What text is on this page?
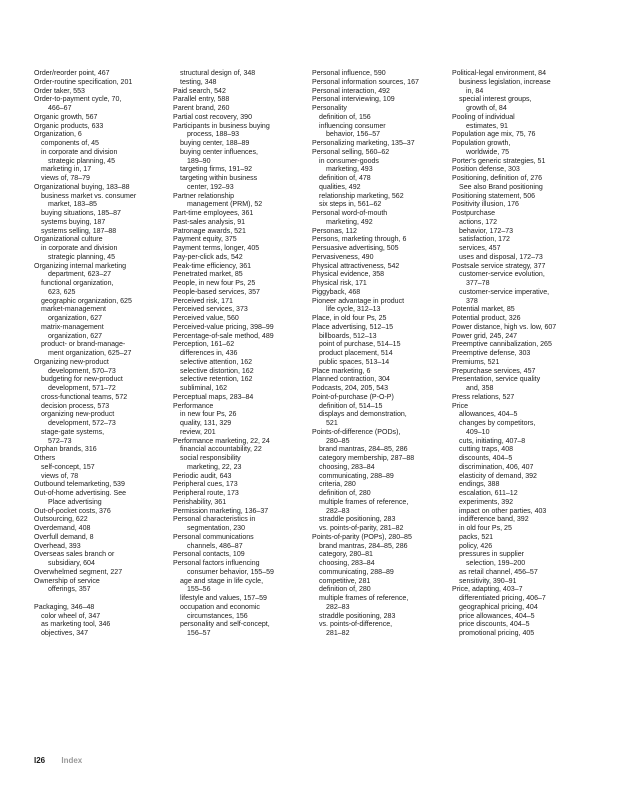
Order/reorder point, 467
Order-routine specification, 201
Order taker, 553
Order-to-payment cycle, 70,
466–67
Organic growth, 567
Organic products, 633
Organization, 6
components of, 45
in corporate and division
strategic planning, 45
marketing in, 17
views of, 78–79
Organizational buying, 183–88
business market vs. consumer
market, 183–85
buying situations, 185–87
systems buying, 187
systems selling, 187–88
Organizational culture
in corporate and division
strategic planning, 45
Organizing internal marketing
department, 623–27
functional organization,
623, 625
geographic organization, 625
market-management
organization, 627
matrix-management
organization, 627
product- or brand-manage-
ment organization, 625–27
Organizing new-product
development, 570–73
budgeting for new-product
development, 571–72
cross-functional teams, 572
decision process, 573
organizing new-product
development, 572–73
stage-gate systems,
572–73
Orphan brands, 316
Others
self-concept, 157
views of, 78
Outbound telemarketing, 539
Out-of-home advertising. See
Place advertising
Out-of-pocket costs, 376
Outsourcing, 622
Overdemand, 408
Overfull demand, 8
Overhead, 393
Overseas sales branch or
subsidiary, 604
Overwhelmed segment, 227
Ownership of service
offerings, 357
Packaging, 346–48
color wheel of, 347
as marketing tool, 346
objectives, 347
structural design of, 348
testing, 348
Paid search, 542
Parallel entry, 588
Parent brand, 260
Partial cost recovery, 390
Participants in business buying
process, 188–93
buying center, 188–89
buying center influences,
189–90
targeting firms, 191–92
targeting within business
center, 192–93
Partner relationship
management (PRM), 52
Part-time employees, 361
Past-sales analysis, 91
Patronage awards, 521
Payment equity, 375
Payment terms, longer, 405
Pay-per-click ads, 542
Peak-time efficiency, 361
Penetrated market, 85
People, in new four Ps, 25
People-based services, 357
Perceived risk, 171
Perceived services, 373
Perceived value, 560
Perceived-value pricing, 398–99
Percentage-of-sale method, 489
Perception, 161–62
differences in, 436
selective attention, 162
selective distortion, 162
selective retention, 162
subliminal, 162
Perceptual maps, 283–84
Performance
in new four Ps, 26
quality, 131, 329
review, 201
Performance marketing, 22, 24
financial accountability, 22
social responsibility
marketing, 22, 23
Periodic audit, 643
Peripheral cues, 173
Peripheral route, 173
Perishability, 361
Permission marketing, 136–37
Personal characteristics in
segmentation, 230
Personal communications
channels, 486–87
Personal contacts, 109
Personal factors influencing
consumer behavior, 155–59
age and stage in life cycle,
155–56
lifestyle and values, 157–59
occupation and economic
circumstances, 156
personality and self-concept,
156–57
Personal influence, 590
Personal information sources, 167
Personal interaction, 492
Personal interviewing, 109
Personality
definition of, 156
influencing consumer
behavior, 156–57
Personalizing marketing, 135–37
Personal selling, 560–62
in consumer-goods
marketing, 493
definition of, 478
qualities, 492
relationship marketing, 562
six steps in, 561–62
Personal word-of-mouth
marketing, 492
Personas, 112
Persons, marketing through, 6
Persuasive advertising, 505
Pervasiveness, 490
Physical attractiveness, 542
Physical evidence, 358
Physical risk, 171
Piggyback, 468
Pioneer advantage in product
life cycle, 312–13
Place, in old four Ps, 25
Place advertising, 512–15
billboards, 512–13
point of purchase, 514–15
product placement, 514
public spaces, 513–14
Place marketing, 6
Planned contraction, 304
Podcasts, 204, 205, 543
Point-of-purchase (P-O-P)
definition of, 514–15
displays and demonstration,
521
Points-of-difference (PODs),
280–85
brand mantras, 284–85, 286
category membership, 287–88
choosing, 283–84
communicating, 288–89
criteria, 280
definition of, 280
multiple frames of reference,
282–83
straddle positioning, 283
vs. points-of-parity, 281–82
Points-of-parity (POPs), 280–85
brand mantras, 284–85, 286
category, 280–81
choosing, 283–84
communicating, 288–89
competitive, 281
definition of, 280
multiple frames of reference,
282–83
straddle positioning, 283
vs. points-of-difference,
281–82
Political-legal environment, 84
business legislation, increase
in, 84
special interest groups,
growth of, 84
Pooling of individual
estimates, 91
Population age mix, 75, 76
Population growth,
worldwide, 75
Porter's generic strategies, 51
Position defense, 303
Positioning, definition of, 276
See also Brand positioning
Positioning statement, 506
Positivity illusion, 176
Postpurchase
actions, 172
behavior, 172–73
satisfaction, 172
services, 457
uses and disposal, 172–73
Postsale service strategy, 377
customer-service evolution,
377–78
customer-service imperative,
378
Potential market, 85
Potential product, 326
Power distance, high vs. low, 607
Power grid, 245, 247
Preemptive cannibalization, 265
Preemptive defense, 303
Premiums, 521
Prepurchase services, 457
Presentation, service quality
and, 358
Press relations, 527
Price
allowances, 404–5
changes by competitors,
409–10
cuts, initiating, 407–8
cutting traps, 408
discounts, 404–5
discrimination, 406, 407
elasticity of demand, 392
endings, 388
escalation, 611–12
experiments, 392
impact on other parties, 403
indifference band, 392
in old four Ps, 25
packs, 521
policy, 426
pressures in supplier
selection, 199–200
as retail channel, 456–57
sensitivity, 390–91
Price, adapting, 403–7
differentiated pricing, 406–7
geographical pricing, 404
price allowances, 404–5
price discounts, 404–5
promotional pricing, 405
I26 Index
